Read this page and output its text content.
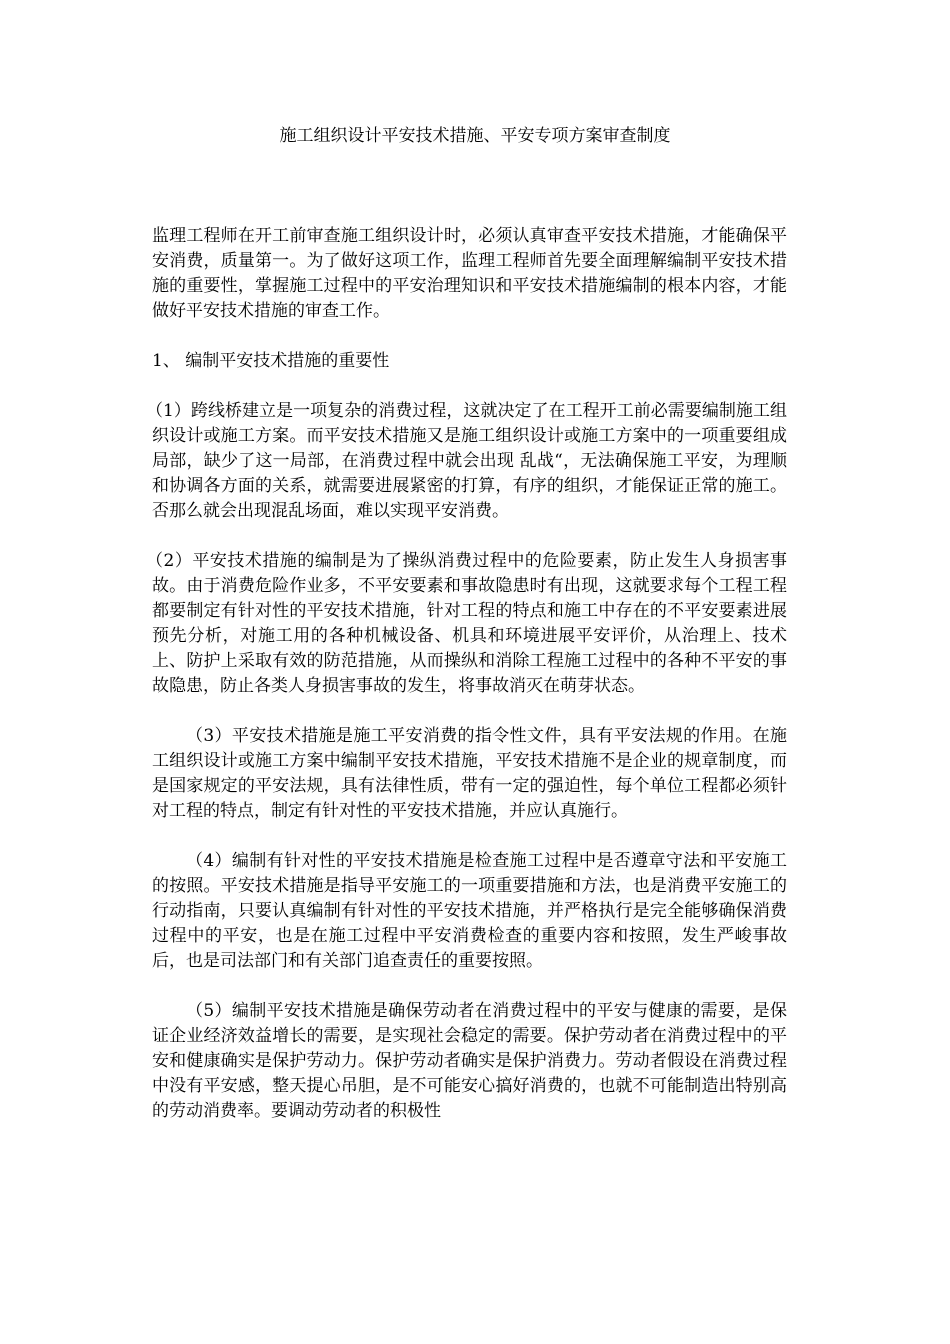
施工组织设计平安技术措施、平安专项方案审查制度

监理工程师在开工前审查施工组织设计时，必须认真审查平安技术措施，才能确保平安消费，质量第一。为了做好这项工作，监理工程师首先要全面理解编制平安技术措施的重要性，掌握施工过程中的平安治理知识和平安技术措施编制的根本内容，才能做好平安技术措施的审查工作。

1、 编制平安技术措施的重要性

（1）跨线桥建立是一项复杂的消费过程，这就决定了在工程开工前必需要编制施工组织设计或施工方案。而平安技术措施又是施工组织设计或施工方案中的一项重要组成局部，缺少了这一局部，在消费过程中就会出现 乱战“，无法确保施工平安，为理顺和协调各方面的关系，就需要进展紧密的打算，有序的组织，才能保证正常的施工。否那么就会出现混乱场面，难以实现平安消费。

（2）平安技术措施的编制是为了操纵消费过程中的危险要素，防止发生人身损害事故。由于消费危险作业多，不平安要素和事故隐患时有出现，这就要求每个工程工程都要制定有针对性的平安技术措施，针对工程的特点和施工中存在的不平安要素进展预先分析，对施工用的各种机械设备、机具和环境进展平安评价，从治理上、技术上、防护上采取有效的防范措施，从而操纵和消除工程施工过程中的各种不平安的事故隐患，防止各类人身损害事故的发生，将事故消灭在萌芽状态。

（3）平安技术措施是施工平安消费的指令性文件，具有平安法规的作用。在施工组织设计或施工方案中编制平安技术措施，平安技术措施不是企业的规章制度，而是国家规定的平安法规，具有法律性质，带有一定的强迫性，每个单位工程都必须针对工程的特点，制定有针对性的平安技术措施，并应认真施行。

（4）编制有针对性的平安技术措施是检查施工过程中是否遵章守法和平安施工的按照。平安技术措施是指导平安施工的一项重要措施和方法，也是消费平安施工的行动指南，只要认真编制有针对性的平安技术措施，并严格执行是完全能够确保消费过程中的平安，也是在施工过程中平安消费检查的重要内容和按照，发生严峻事故后，也是司法部门和有关部门追查责任的重要按照。

（5）编制平安技术措施是确保劳动者在消费过程中的平安与健康的需要，是保证企业经济效益增长的需要，是实现社会稳定的需要。保护劳动者在消费过程中的平安和健康确实是保护劳动力。保护劳动者确实是保护消费力。劳动者假设在消费过程中没有平安感，整天提心吊胆，是不可能安心搞好消费的，也就不可能制造出特别高的劳动消费率。要调动劳动者的积极性
